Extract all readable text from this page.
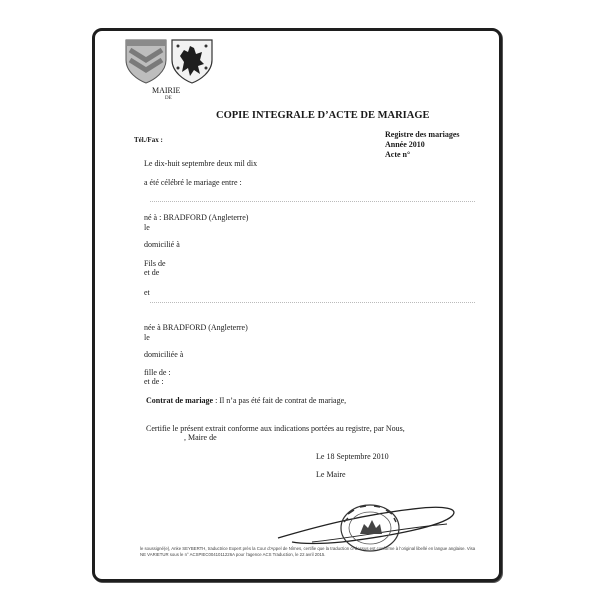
MAIRIE
DE
COPIE INTEGRALE D’ACTE DE MARIAGE
Tél./Fax :
Registre des mariages
Année 2010
Acte n°
Le dix-huit septembre deux mil dix
a été célébré le mariage entre :
né à : BRADFORD (Angleterre)
le
domicilié à
Fils de
et de
et
née à BRADFORD (Angleterre)
le
domiciliée à
fille de :
et de :
Contrat de mariage : Il n’a pas été fait de contrat de mariage,
Certifie le présent extrait conforme aux indications portées au registre, par Nous,
, Maire de
Le 18 Septembre 2010
Le Maire
le soussigné(e), Anke SEYBERTH, traductrice Expert près la Cour d’Appel de Nîmes, certifie que la traduction ci-dessus est conforme à l’original libellé en langue anglaise. Visa NE VARIETUR sous le n° ACSPIEC0041011226A pour l’agence ACS Traduction, le 22 avril 2015.
